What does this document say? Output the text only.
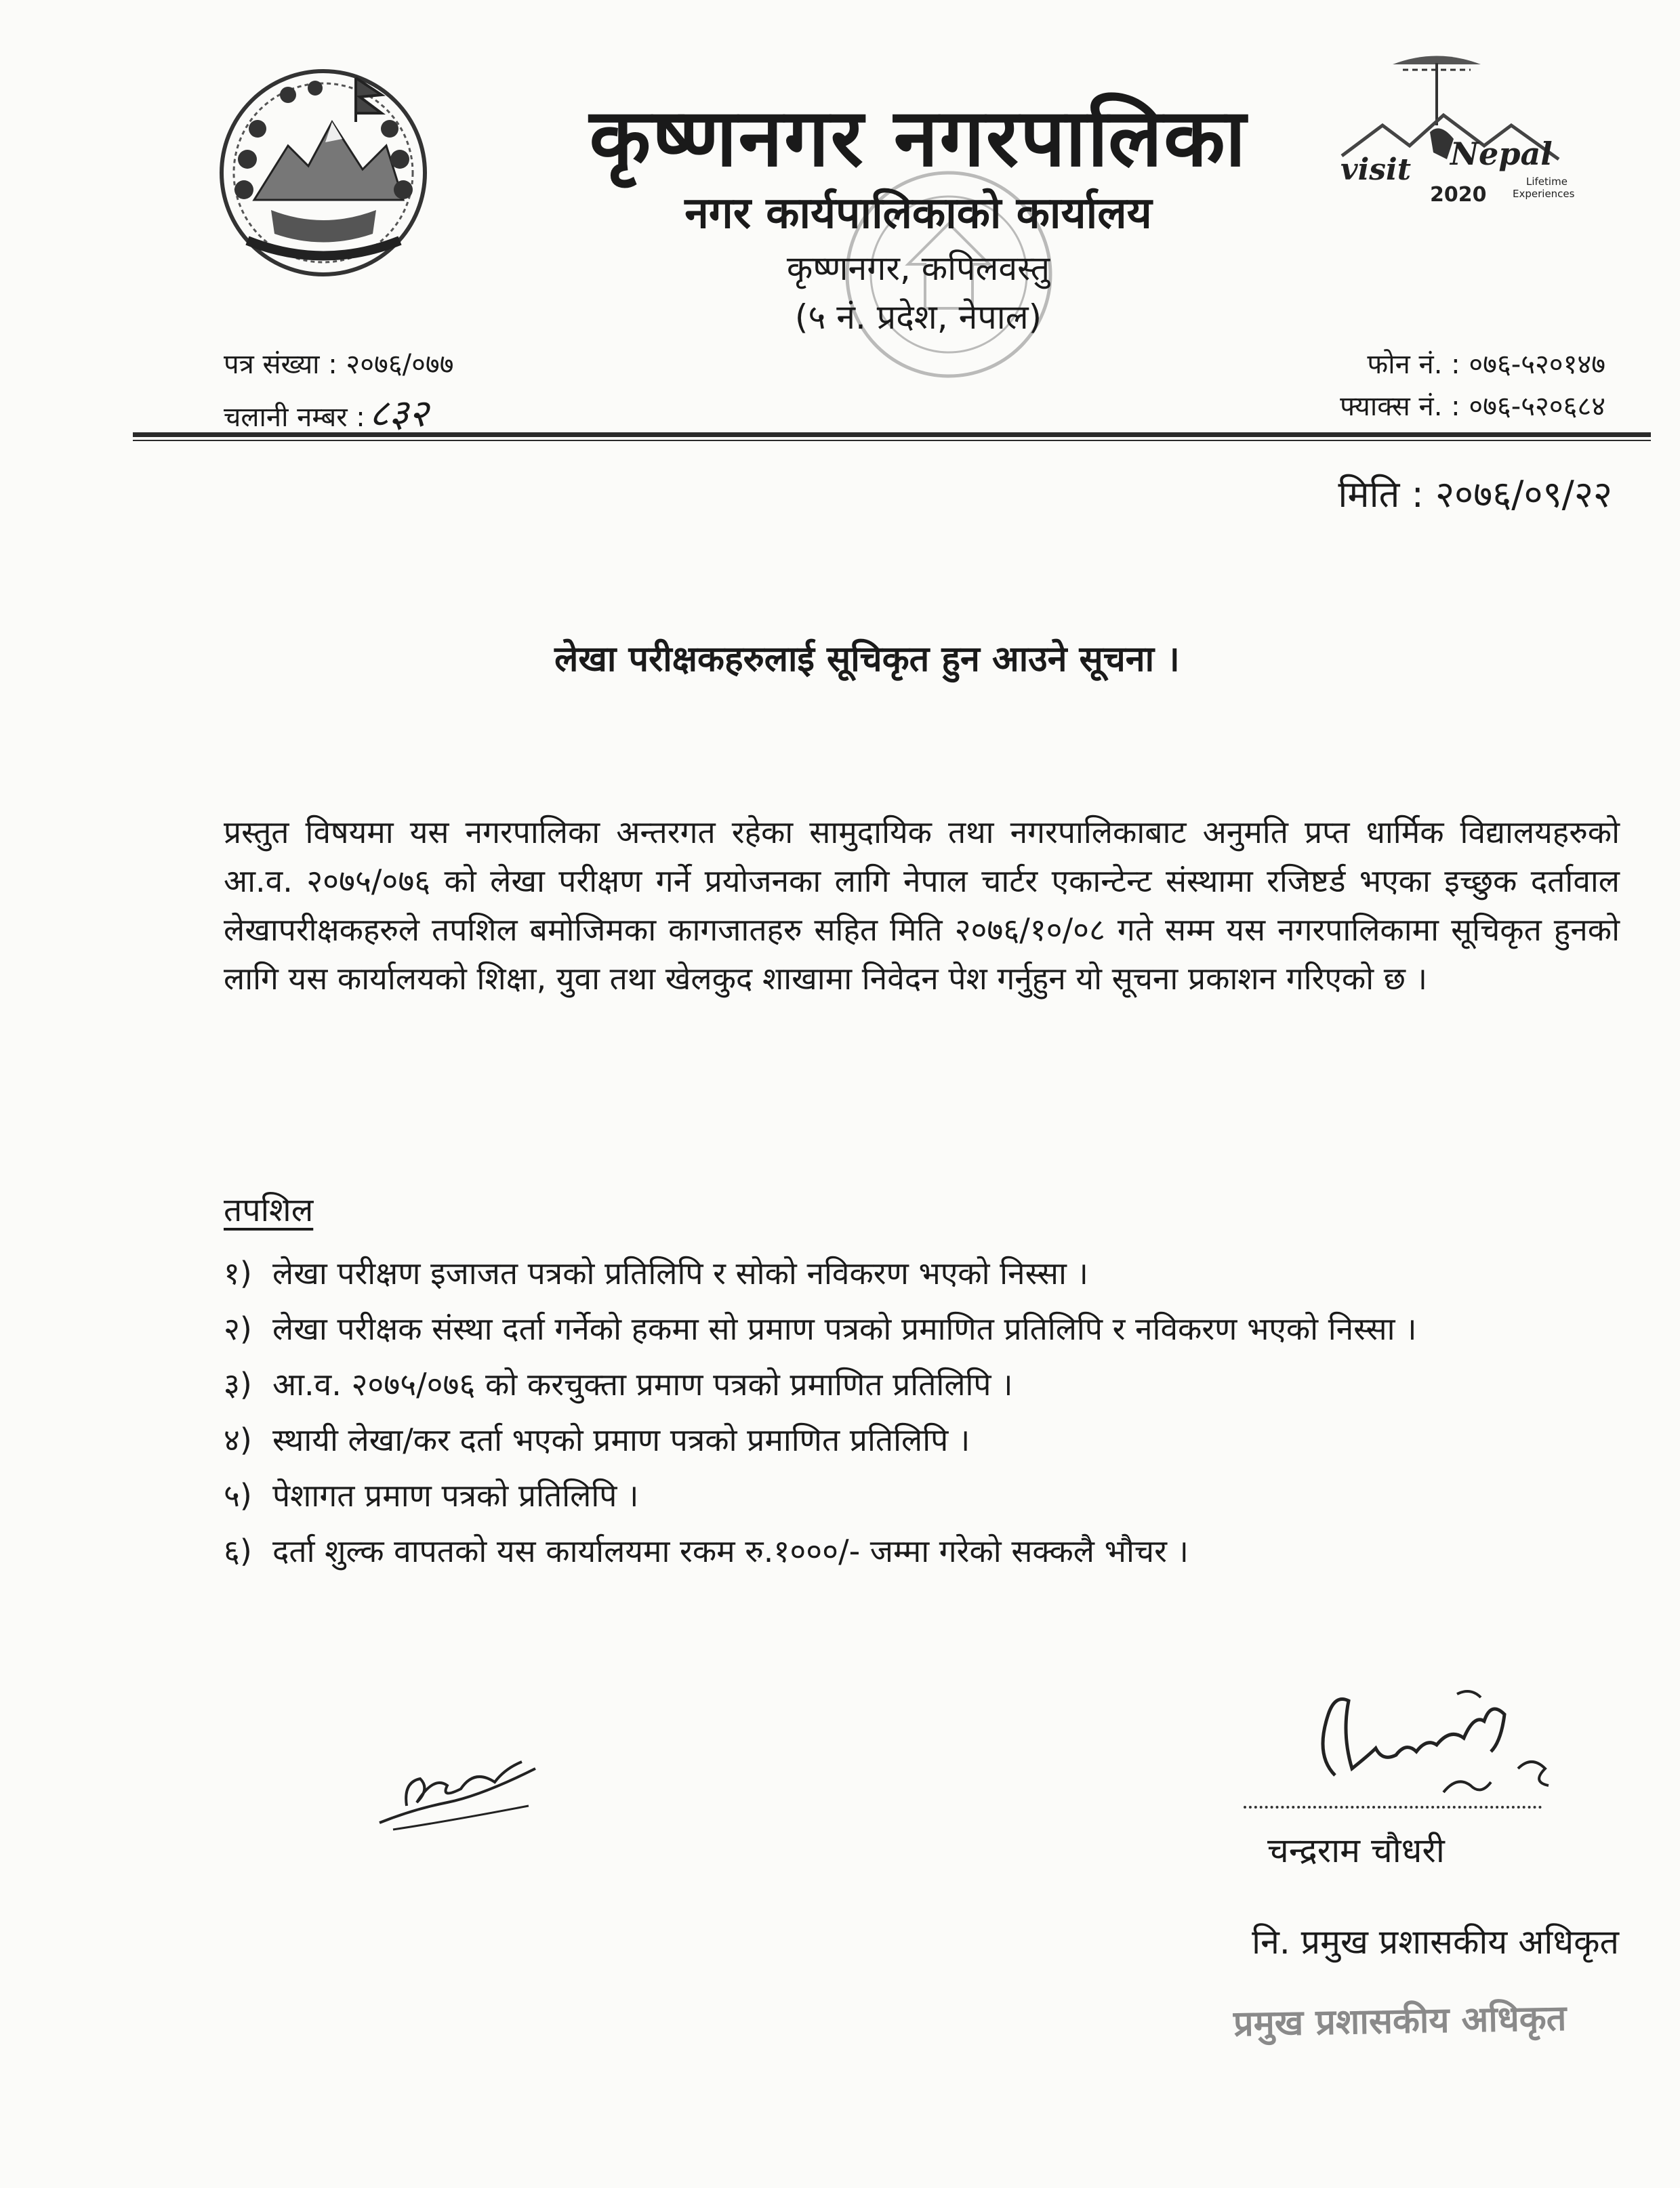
visit Nepal
2020
Lifetime
Experiences
कृष्णनगर नगरपालिका
नगर कार्यपालिकाको कार्यालय
कृष्णनगर, कपिलवस्तु
(५ नं. प्रदेश, नेपाल)
पत्र संख्या : २०७६/०७७
चलानी नम्बर : ८३२
फोन नं. : ०७६-५२०१४७
फ्याक्स नं. : ०७६-५२०६८४
मिति : २०७६/०९/२२
लेखा परीक्षकहरुलाई सूचिकृत हुन आउने सूचना ।
प्रस्तुत विषयमा यस नगरपालिका अन्तरगत रहेका सामुदायिक तथा नगरपालिकाबाट अनुमति प्रप्त धार्मिक विद्यालयहरुको आ.व. २०७५/०७६ को लेखा परीक्षण गर्ने प्रयोजनका लागि नेपाल चार्टर एकान्टेन्ट संस्थामा रजिष्टर्ड भएका इच्छुक दर्तावाल लेखापरीक्षकहरुले तपशिल बमोजिमका कागजातहरु सहित मिति २०७६/१०/०८ गते सम्म यस नगरपालिकामा सूचिकृत हुनको लागि यस कार्यालयको शिक्षा, युवा तथा खेलकुद शाखामा निवेदन पेश गर्नुहुन यो सूचना प्रकाशन गरिएको छ ।
तपशिल
१) लेखा परीक्षण इजाजत पत्रको प्रतिलिपि र सोको नविकरण भएको निस्सा ।
२) लेखा परीक्षक संस्था दर्ता गर्नेको हकमा सो प्रमाण पत्रको प्रमाणित प्रतिलिपि र नविकरण भएको निस्सा ।
३) आ.व. २०७५/०७६ को करचुक्ता प्रमाण पत्रको प्रमाणित प्रतिलिपि ।
४) स्थायी लेखा/कर दर्ता भएको प्रमाण पत्रको प्रमाणित प्रतिलिपि ।
५) पेशागत प्रमाण पत्रको प्रतिलिपि ।
६) दर्ता शुल्क वापतको यस कार्यालयमा रकम रु.१०००/- जम्मा गरेको सक्कलै भौचर ।
चन्द्रराम चौधरी
नि. प्रमुख प्रशासकीय अधिकृत
प्रमुख प्रशासकीय अधिकृत
